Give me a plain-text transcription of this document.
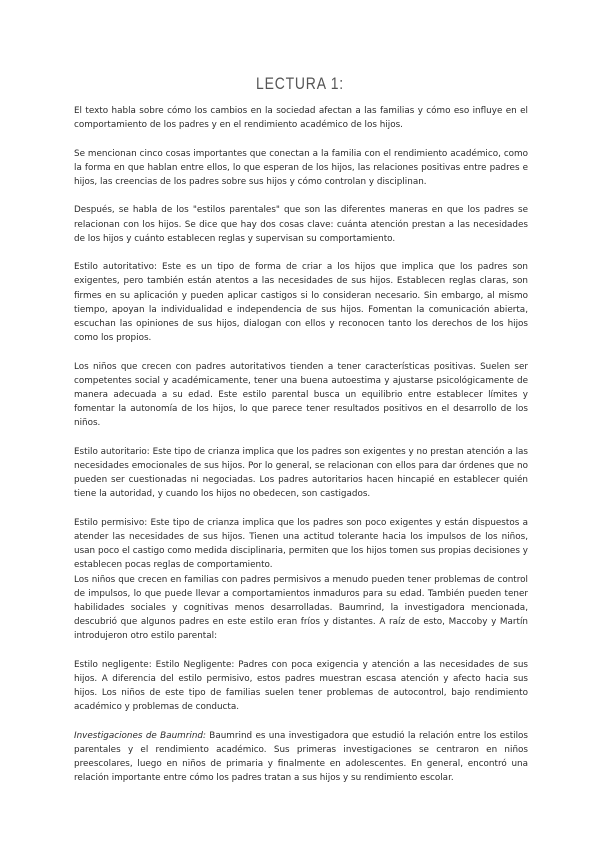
LECTURA 1:

El texto habla sobre cómo los cambios en la sociedad afectan a las familias y cómo eso influye en el comportamiento de los padres y en el rendimiento académico de los hijos.

Se mencionan cinco cosas importantes que conectan a la familia con el rendimiento académico, como la forma en que hablan entre ellos, lo que esperan de los hijos, las relaciones positivas entre padres e hijos, las creencias de los padres sobre sus hijos y cómo controlan y disciplinan.

Después, se habla de los "estilos parentales" que son las diferentes maneras en que los padres se relacionan con los hijos. Se dice que hay dos cosas clave: cuánta atención prestan a las necesidades de los hijos y cuánto establecen reglas y supervisan su comportamiento.

Estilo autoritativo: Este es un tipo de forma de criar a los hijos que implica que los padres son exigentes, pero también están atentos a las necesidades de sus hijos. Establecen reglas claras, son firmes en su aplicación y pueden aplicar castigos si lo consideran necesario. Sin embargo, al mismo tiempo, apoyan la individualidad e independencia de sus hijos. Fomentan la comunicación abierta, escuchan las opiniones de sus hijos, dialogan con ellos y reconocen tanto los derechos de los hijos como los propios.

Los niños que crecen con padres autoritativos tienden a tener características positivas. Suelen ser competentes social y académicamente, tener una buena autoestima y ajustarse psicológicamente de manera adecuada a su edad. Este estilo parental busca un equilibrio entre establecer límites y fomentar la autonomía de los hijos, lo que parece tener resultados positivos en el desarrollo de los niños.

Estilo autoritario: Este tipo de crianza implica que los padres son exigentes y no prestan atención a las necesidades emocionales de sus hijos. Por lo general, se relacionan con ellos para dar órdenes que no pueden ser cuestionadas ni negociadas. Los padres autoritarios hacen hincapié en establecer quién tiene la autoridad, y cuando los hijos no obedecen, son castigados.

Estilo permisivo: Este tipo de crianza implica que los padres son poco exigentes y están dispuestos a atender las necesidades de sus hijos. Tienen una actitud tolerante hacia los impulsos de los niños, usan poco el castigo como medida disciplinaria, permiten que los hijos tomen sus propias decisiones y establecen pocas reglas de comportamiento.

Los niños que crecen en familias con padres permisivos a menudo pueden tener problemas de control de impulsos, lo que puede llevar a comportamientos inmaduros para su edad. También pueden tener habilidades sociales y cognitivas menos desarrolladas. Baumrind, la investigadora mencionada, descubrió que algunos padres en este estilo eran fríos y distantes. A raíz de esto, Maccoby y Martín introdujeron otro estilo parental:

Estilo negligente: Estilo Negligente: Padres con poca exigencia y atención a las necesidades de sus hijos. A diferencia del estilo permisivo, estos padres muestran escasa atención y afecto hacia sus hijos. Los niños de este tipo de familias suelen tener problemas de autocontrol, bajo rendimiento académico y problemas de conducta.

Investigaciones de Baumrind: Baumrind es una investigadora que estudió la relación entre los estilos parentales y el rendimiento académico. Sus primeras investigaciones se centraron en niños preescolares, luego en niños de primaria y finalmente en adolescentes. En general, encontró una relación importante entre cómo los padres tratan a sus hijos y su rendimiento escolar.
